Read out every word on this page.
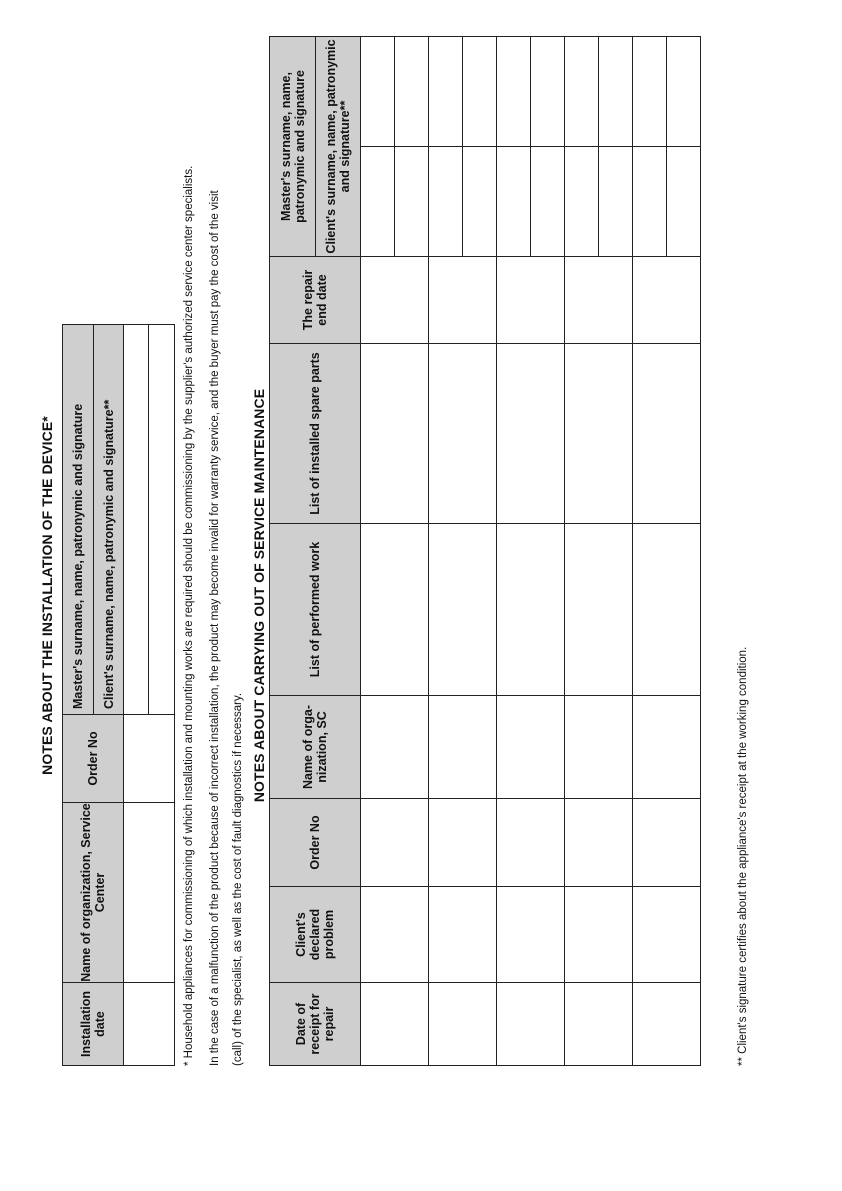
NOTES ABOUT THE INSTALLATION OF THE DEVICE*
Installation date	Name of organization, Service Center	Order No	Master's surname, name, patronymic and signature
			Client's surname, name, patronymic and signature**
				* Household appliances for commissioning of which installation and mounting works are required should be commissioning by the supplier's authorized service center specialists. In the case of a malfunction of the product because of incorrect installation, the product may become invalid for warranty service, and the buyer must pay the cost of the visit (call) of the specialist, as well as the cost of fault diagnostics if necessary.
NOTES ABOUT CARRYING OUT OF SERVICE MAINTENANCE
Date of receipt for repair	Client's declared problem	Order No	Name of orga-nization, SC	List of performed work	List of installed spare parts	The repair end date	Master's surname, name, patronymic and signature	
							Client's surname, name, patronymic and signature**	

** Client's signature certifies about the appliance's receipt at the working condition.
